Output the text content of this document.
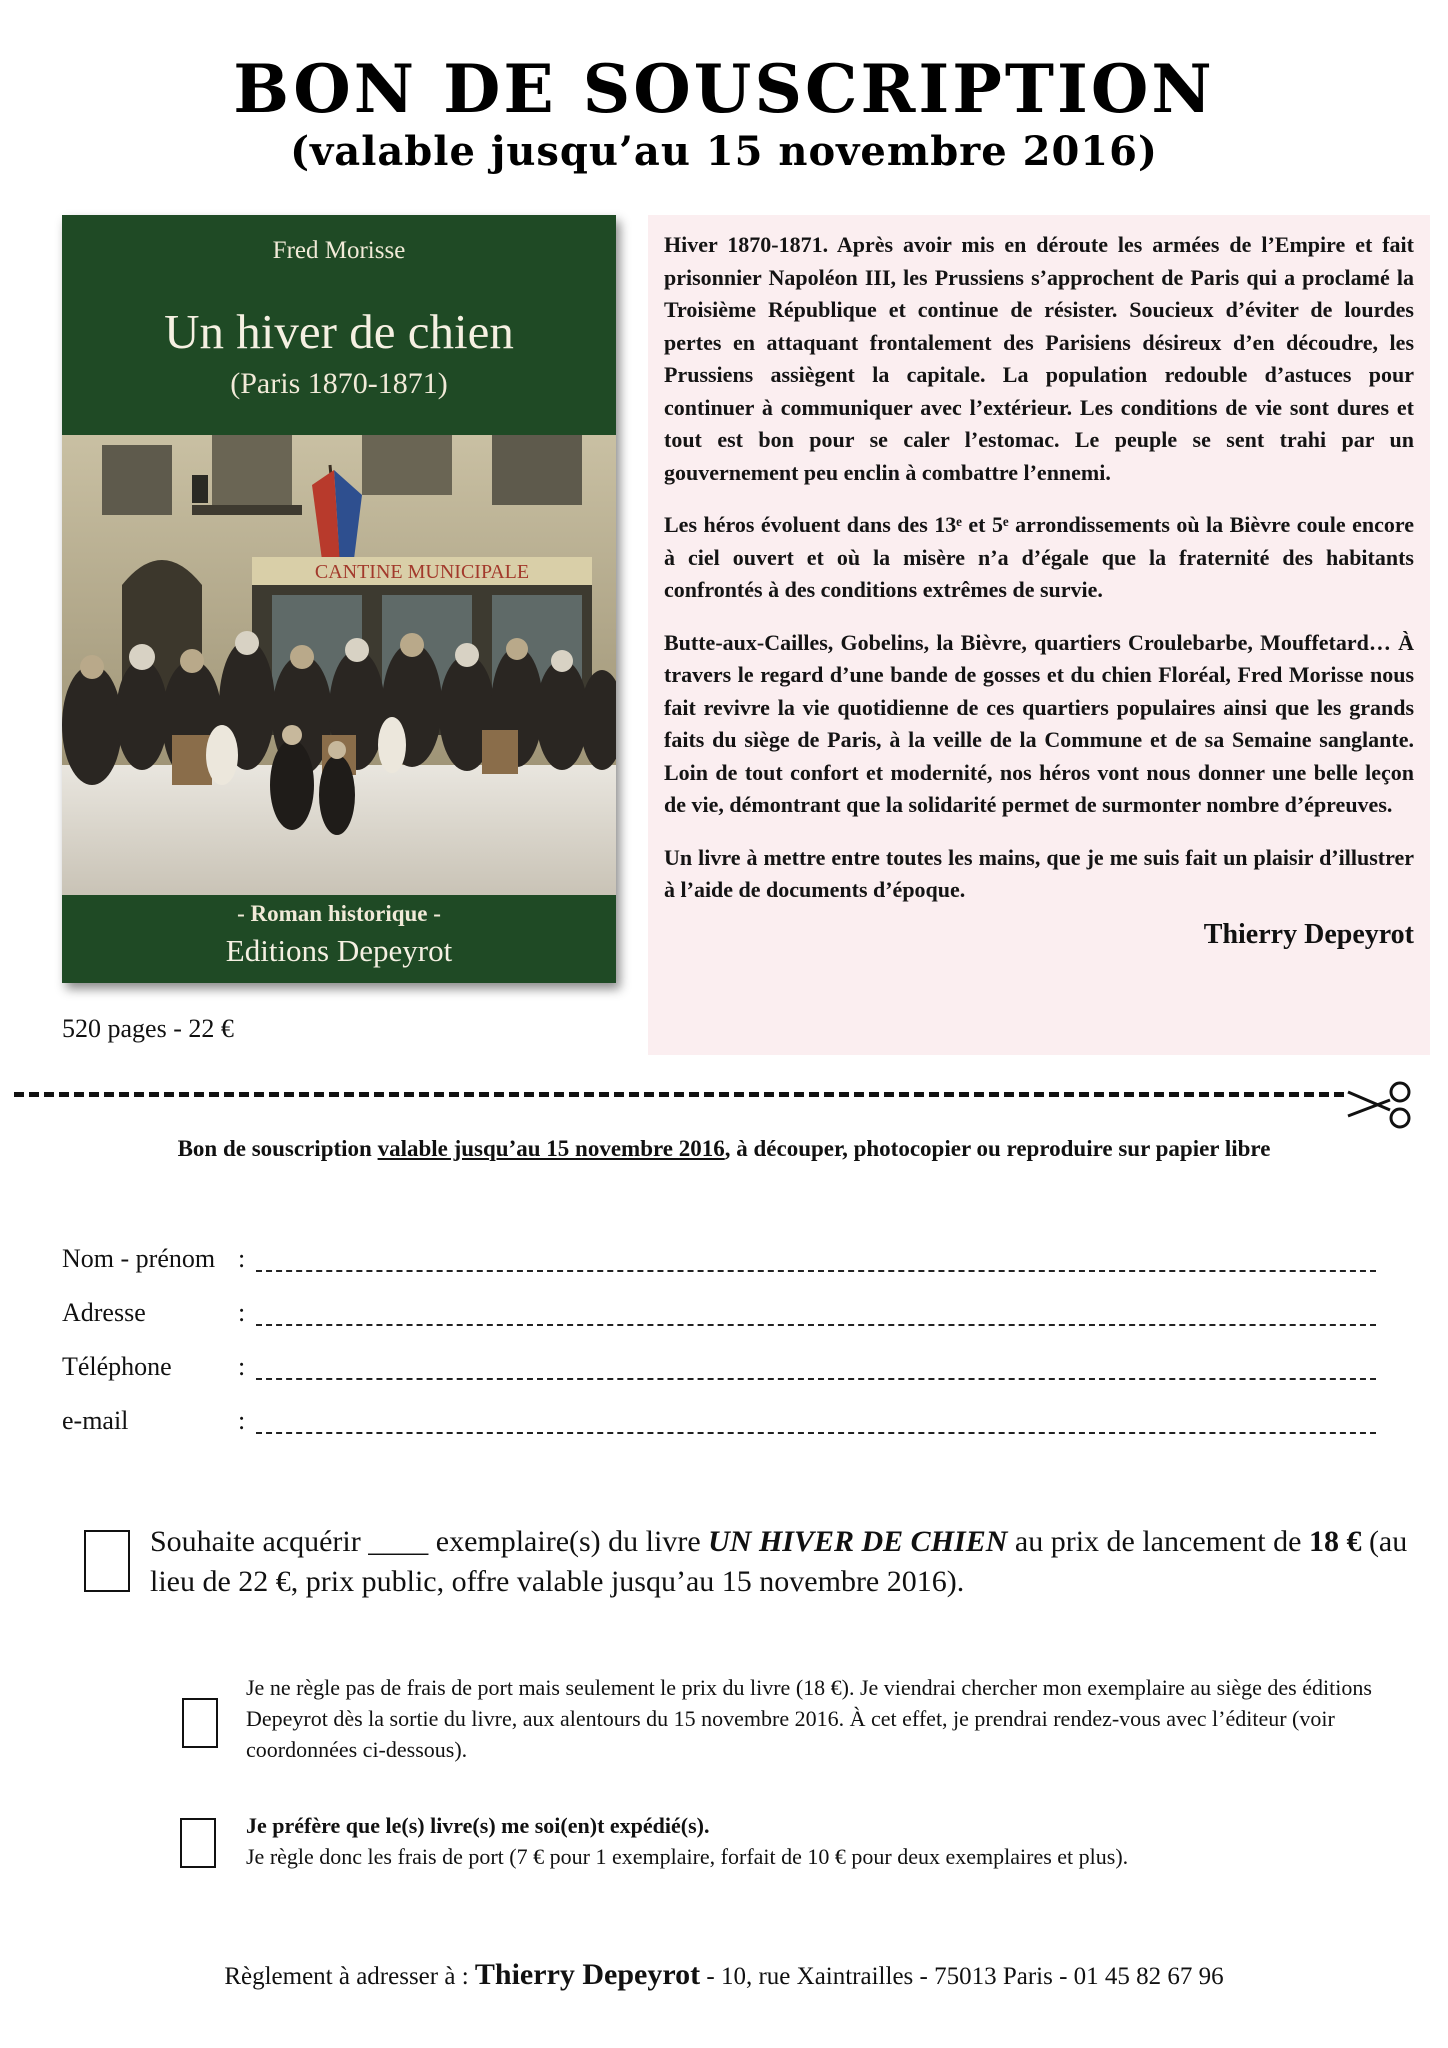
BON DE SOUSCRIPTION
(valable jusqu’au 15 novembre 2016)
Fred Morisse
Un hiver de chien
(Paris 1870-1871)
CANTINE MUNICIPALE
- Roman historique -
Editions Depeyrot
520 pages - 22 €

Hiver 1870-1871. Après avoir mis en déroute les armées de l’Empire et fait prisonnier Napoléon III, les Prussiens s’approchent de Paris qui a proclamé la Troisième République et continue de résister. Soucieux d’éviter de lourdes pertes en attaquant frontalement des Parisiens désireux d’en découdre, les Prussiens assiègent la capitale. La population redouble d’astuces pour continuer à communiquer avec l’extérieur. Les conditions de vie sont dures et tout est bon pour se caler l’estomac. Le peuple se sent trahi par un gouvernement peu enclin à combattre l’ennemi.

Les héros évoluent dans des 13ᵉ et 5ᵉ arrondissements où la Bièvre coule encore à ciel ouvert et où la misère n’a d’égale que la fraternité des habitants confrontés à des conditions extrêmes de survie.

Butte-aux-Cailles, Gobelins, la Bièvre, quartiers Croulebarbe, Mouffetard… À travers le regard d’une bande de gosses et du chien Floréal, Fred Morisse nous fait revivre la vie quotidienne de ces quartiers populaires ainsi que les grands faits du siège de Paris, à la veille de la Commune et de sa Semaine sanglante. Loin de tout confort et modernité, nos héros vont nous donner une belle leçon de vie, démontrant que la solidarité permet de surmonter nombre d’épreuves.

Un livre à mettre entre toutes les mains, que je me suis fait un plaisir d’illustrer à l’aide de documents d’époque.

Thierry Depeyrot
Bon de souscription valable jusqu’au 15 novembre 2016, à découper, photocopier ou reproduire sur papier libre
Nom - prénom :
Adresse	:
Téléphone	:
e-mail	:
Souhaite acquérir ____ exemplaire(s) du livre UN HIVER DE CHIEN au prix de lancement de 18 € (au lieu de 22 €, prix public, offre valable jusqu’au 15 novembre 2016).
Je ne règle pas de frais de port mais seulement le prix du livre (18 €). Je viendrai chercher mon exemplaire au siège des éditions Depeyrot dès la sortie du livre, aux alentours du 15 novembre 2016. À cet effet, je prendrai rendez-vous avec l’éditeur (voir coordonnées ci-dessous).
Je préfère que le(s) livre(s) me soi(en)t expédié(s).
Je règle donc les frais de port (7 € pour 1 exemplaire, forfait de 10 € pour deux exemplaires et plus).
Règlement à adresser à : Thierry Depeyrot - 10, rue Xaintrailles - 75013 Paris - 01 45 82 67 96
